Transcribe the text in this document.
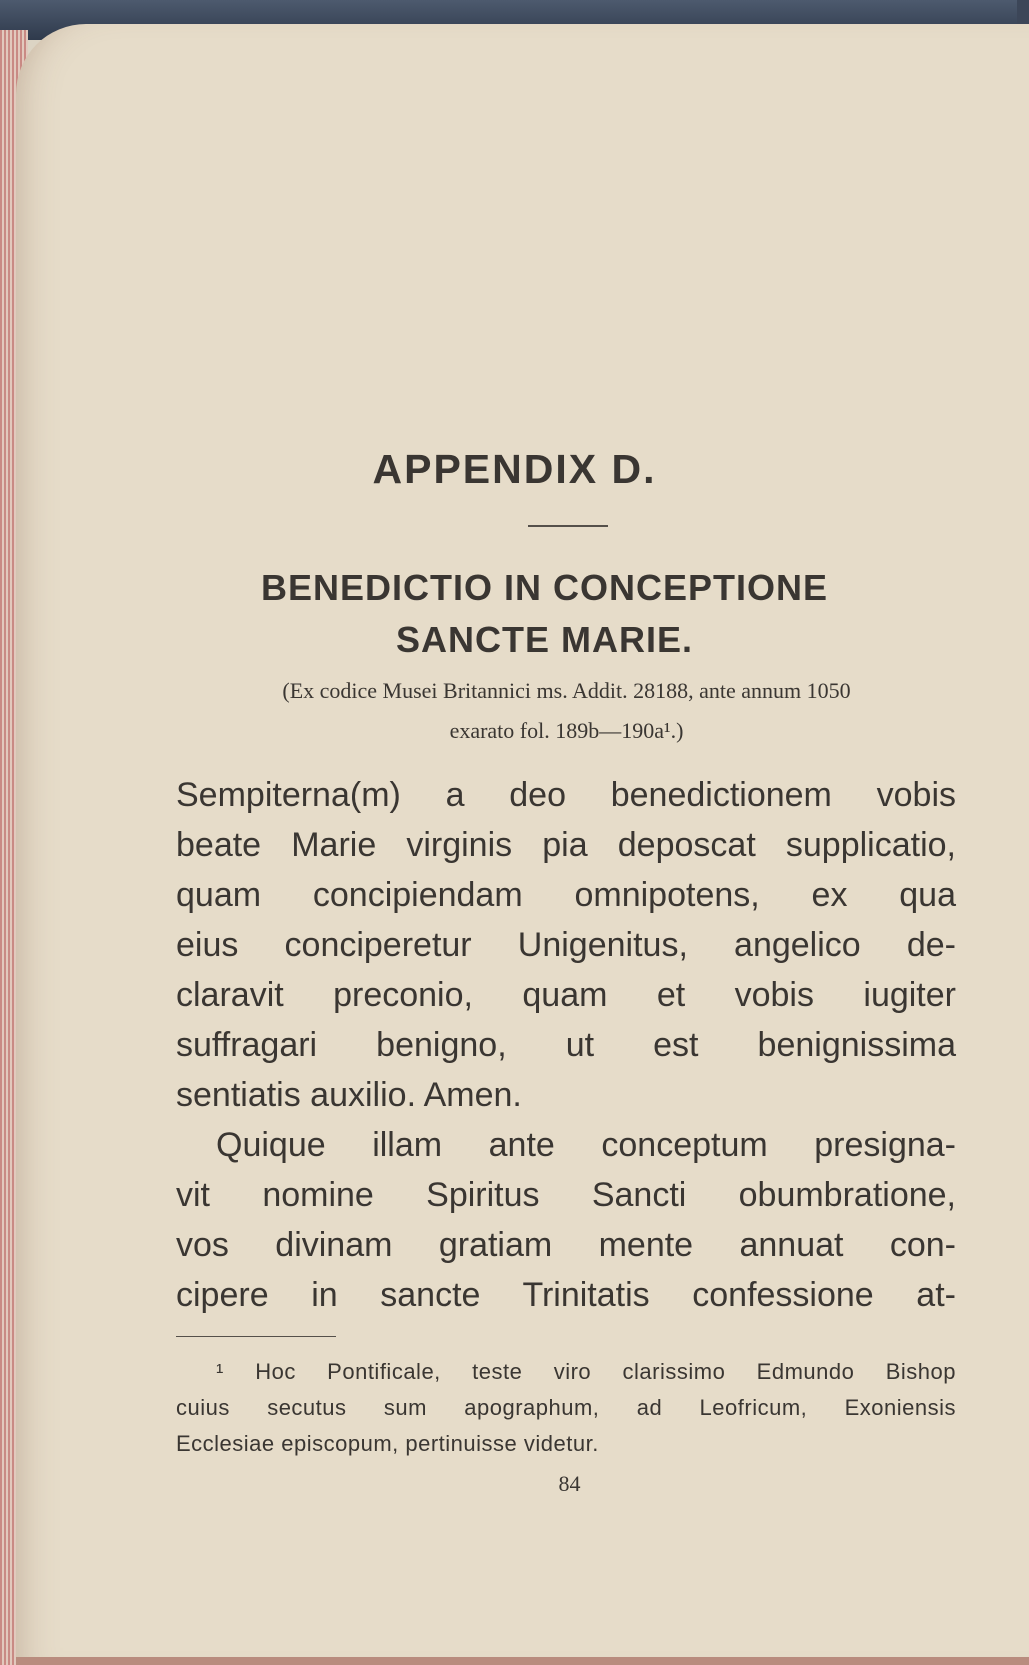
APPENDIX D.
BENEDICTIO IN CONCEPTIONE
SANCTE MARIE.

(Ex codice Musei Britannici ms. Addit. 28188, ante annum 1050

exarato fol. 189b—190a¹.)

Sempiterna(m) a deo benedictionem vobis

beate Marie virginis pia deposcat supplicatio,

quam concipiendam omnipotens, ex qua

eius conciperetur Unigenitus, angelico de-

claravit preconio, quam et vobis iugiter

suffragari benigno, ut est benignissima

sentiatis auxilio. Amen.

Quique illam ante conceptum presigna-

vit nomine Spiritus Sancti obumbratione,

vos divinam gratiam mente annuat con-

cipere in sancte Trinitatis confessione at-

¹ Hoc Pontificale, teste viro clarissimo Edmundo Bishop

cuius secutus sum apographum, ad Leofricum, Exoniensis

Ecclesiae episcopum, pertinuisse videtur.

84
